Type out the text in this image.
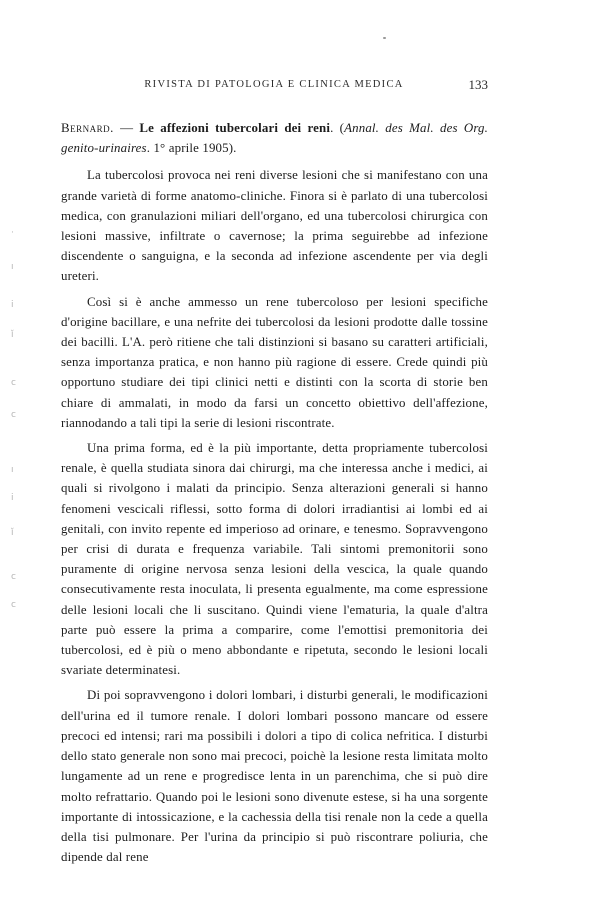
·
ı
i
ǐ
c
c
ı
i
ǐ
c
c
RIVISTA DI PATOLOGIA E CLINICA MEDICA	133

Bernard. — Le affezioni tubercolari dei reni. (Annal. des Mal. des Org. genito-urinaires. 1° aprile 1905).

La tubercolosi provoca nei reni diverse lesioni che si manifestano con una grande varietà di forme anatomo-cliniche. Finora si è parlato di una tubercolosi medica, con granulazioni miliari dell'organo, ed una tubercolosi chirurgica con lesioni massive, infiltrate o cavernose; la prima seguirebbe ad infezione discendente o sanguigna, e la seconda ad infezione ascendente per via degli ureteri.

Così si è anche ammesso un rene tubercoloso per lesioni specifiche d'origine bacillare, e una nefrite dei tubercolosi da lesioni prodotte dalle tossine dei bacilli. L'A. però ritiene che tali distinzioni si basano su caratteri artificiali, senza importanza pratica, e non hanno più ragione di essere. Crede quindi più opportuno studiare dei tipi clinici netti e distinti con la scorta di storie ben chiare di ammalati, in modo da farsi un concetto obiettivo dell'affezione, riannodando a tali tipi la serie di lesioni riscontrate.

Una prima forma, ed è la più importante, detta propriamente tubercolosi renale, è quella studiata sinora dai chirurgi, ma che interessa anche i medici, ai quali si rivolgono i malati da principio. Senza alterazioni generali si hanno fenomeni vescicali riflessi, sotto forma di dolori irradiantisi ai lombi ed ai genitali, con invito repente ed imperioso ad orinare, e tenesmo. Sopravvengono per crisi di durata e frequenza variabile. Tali sintomi premonitorii sono puramente di origine nervosa senza lesioni della vescica, la quale quando consecutivamente resta inoculata, li presenta egualmente, ma come espressione delle lesioni locali che li suscitano. Quindi viene l'ematuria, la quale d'altra parte può essere la prima a comparire, come l'emottisi premonitoria dei tubercolosi, ed è più o meno abbondante e ripetuta, secondo le lesioni locali svariate determinatesi.

Di poi sopravvengono i dolori lombari, i disturbi generali, le modificazioni dell'urina ed il tumore renale. I dolori lombari possono mancare od essere precoci ed intensi; rari ma possibili i dolori a tipo di colica nefritica. I disturbi dello stato generale non sono mai precoci, poichè la lesione resta limitata molto lungamente ad un rene e progredisce lenta in un parenchima, che si può dire molto refrattario. Quando poi le lesioni sono divenute estese, si ha una sorgente importante di intossicazione, e la cachessia della tisi renale non la cede a quella della tisi pulmonare. Per l'urina da principio si può riscontrare poliuria, che dipende dal rene
